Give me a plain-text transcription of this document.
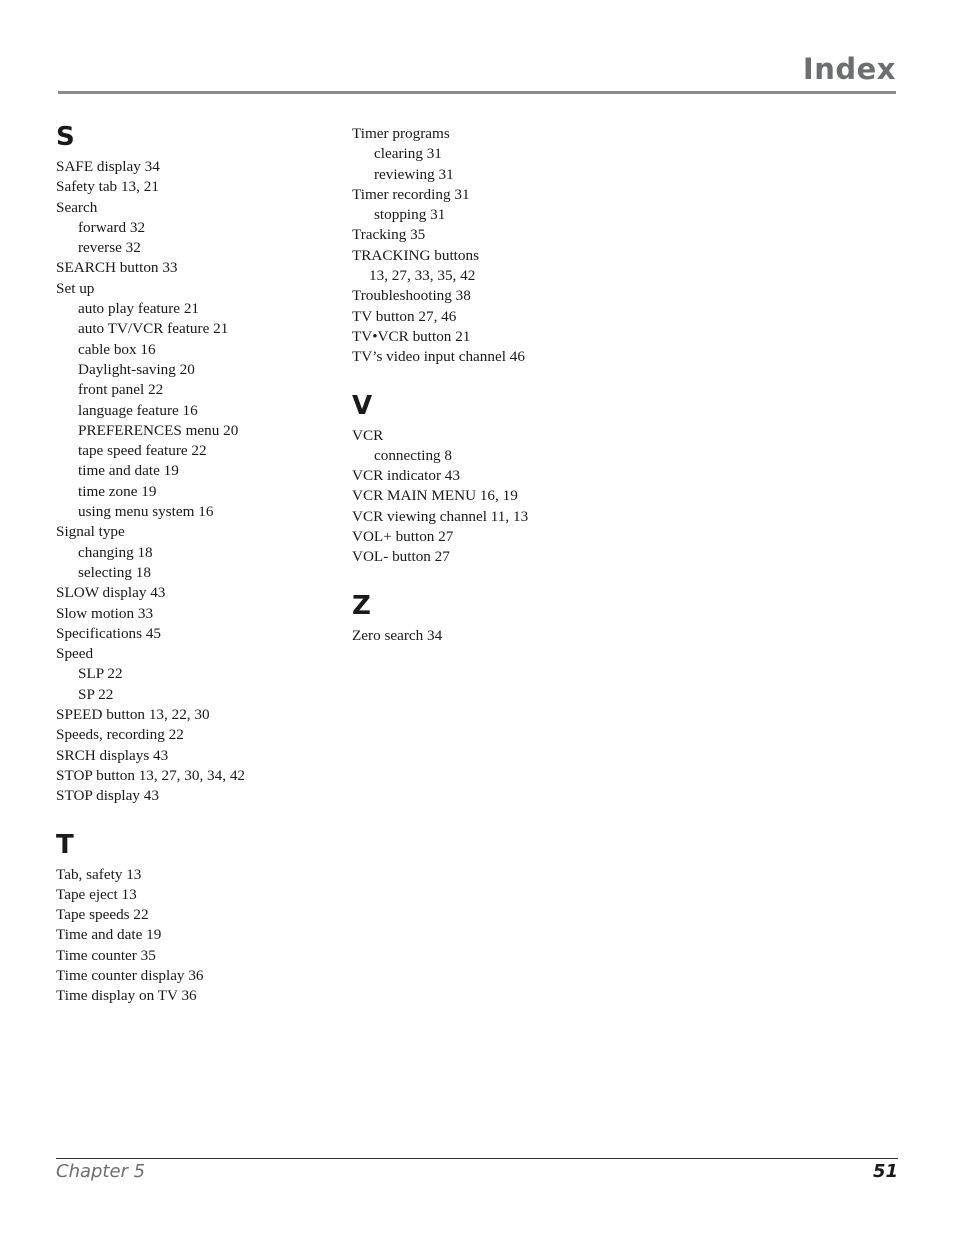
Index
S
SAFE display 34
Safety tab 13, 21
Search
forward 32
reverse 32
SEARCH button 33
Set up
auto play feature 21
auto TV/VCR feature 21
cable box 16
Daylight-saving 20
front panel 22
language feature 16
PREFERENCES menu 20
tape speed feature 22
time and date 19
time zone 19
using menu system 16
Signal type
changing 18
selecting 18
SLOW display 43
Slow motion 33
Specifications 45
Speed
SLP 22
SP 22
SPEED button 13, 22, 30
Speeds, recording 22
SRCH displays 43
STOP button 13, 27, 30, 34, 42
STOP display 43
T
Tab, safety 13
Tape eject 13
Tape speeds 22
Time and date 19
Time counter 35
Time counter display 36
Time display on TV 36
Timer programs
clearing 31
reviewing 31
Timer recording 31
stopping 31
Tracking 35
TRACKING buttons
13, 27, 33, 35, 42
Troubleshooting 38
TV button 27, 46
TV•VCR button 21
TV’s video input channel 46
V
VCR
connecting 8
VCR indicator 43
VCR MAIN MENU 16, 19
VCR viewing channel 11, 13
VOL+ button 27
VOL- button 27
Z
Zero search 34
Chapter 5	51
